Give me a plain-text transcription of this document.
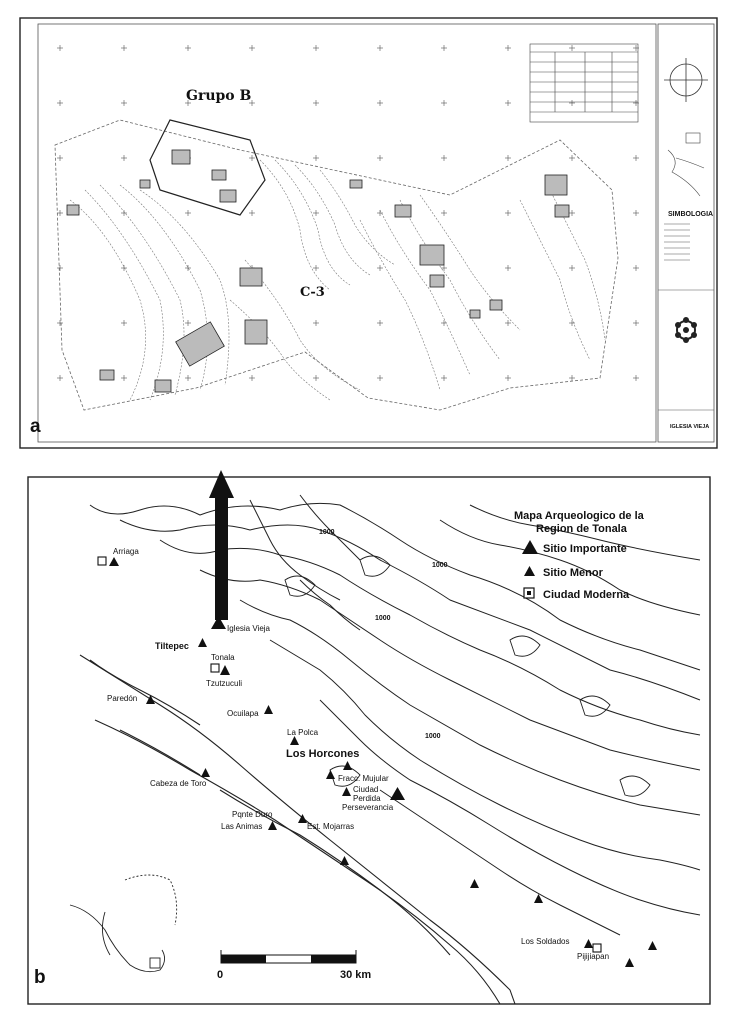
SIMBOLOGIA
IGLESIA VIEJA
Grupo B
C-3
a
Mapa Arqueologico de la
Region de Tonala
Sitio Importante
Sitio Menor
Ciudad Moderna
1000
1000
1000
1000
Arriaga
Iglesia Vieja
Tiltepec
Tonala
Tzutzuculi
Paredón
Ocuilapa
La Polca
Los Horcones
Cabeza de Toro
Fracc. Mujular
Ciudad
Perdida
Perseverancia
Pqnte Duro
Las Animas	Est. Mojarras
Los Soldados
Pijijiapan
0	30 km
b
